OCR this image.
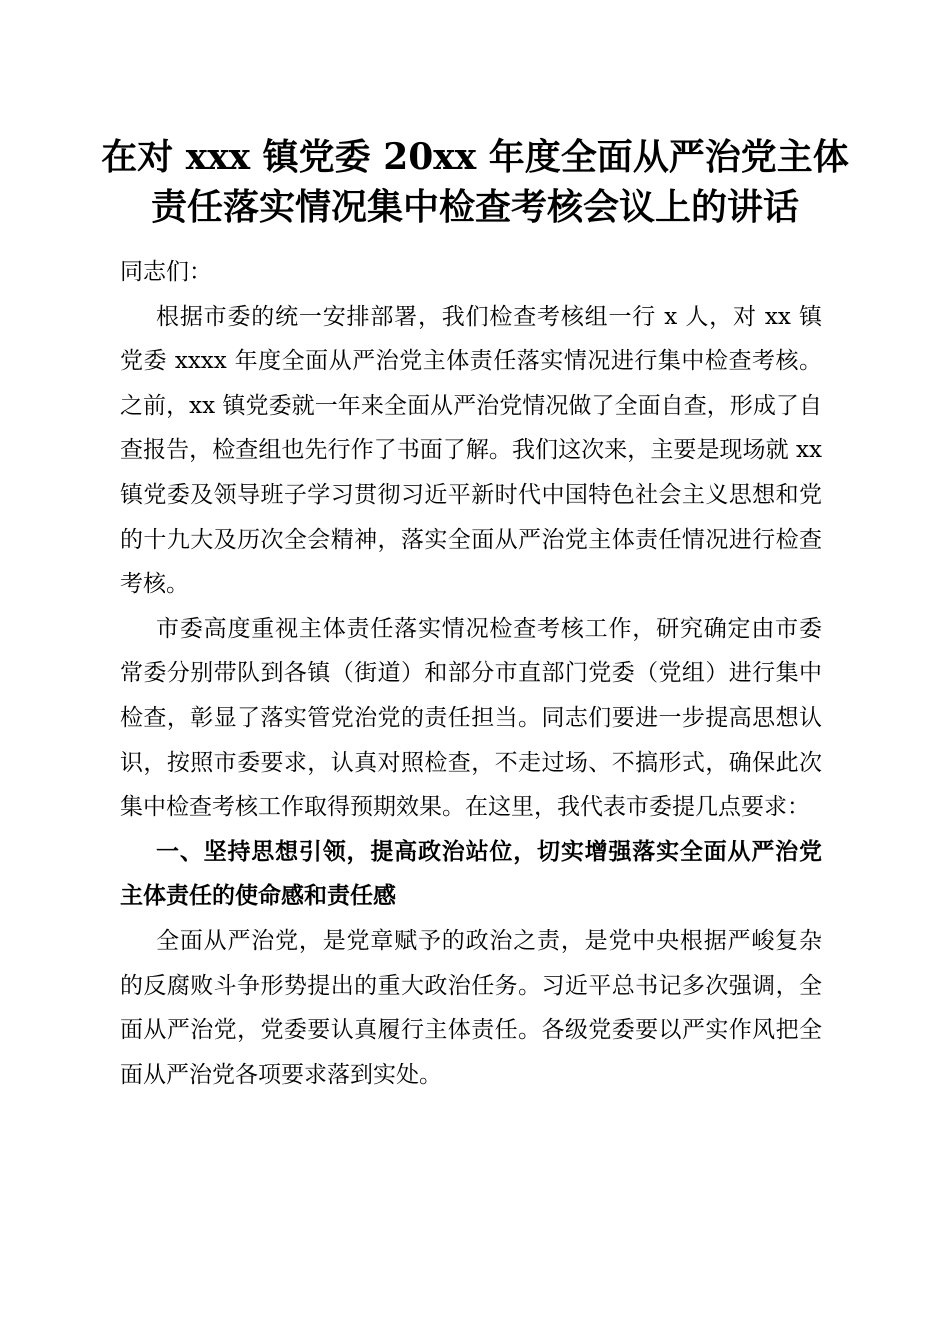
在对 xxx 镇党委 20xx 年度全面从严治党主体
责任落实情况集中检查考核会议上的讲话

同志们：

根据市委的统一安排部署，我们检查考核组一行 x 人，对 xx 镇党委 xxxx 年度全面从严治党主体责任落实情况进行集中检查考核。之前，xx 镇党委就一年来全面从严治党情况做了全面自查，形成了自查报告，检查组也先行作了书面了解。我们这次来，主要是现场就 xx 镇党委及领导班子学习贯彻习近平新时代中国特色社会主义思想和党的十九大及历次全会精神，落实全面从严治党主体责任情况进行检查考核。

市委高度重视主体责任落实情况检查考核工作，研究确定由市委常委分别带队到各镇（街道）和部分市直部门党委（党组）进行集中检查，彰显了落实管党治党的责任担当。同志们要进一步提高思想认识，按照市委要求，认真对照检查，不走过场、不搞形式，确保此次集中检查考核工作取得预期效果。在这里，我代表市委提几点要求：

一、坚持思想引领，提高政治站位，切实增强落实全面从严治党主体责任的使命感和责任感

全面从严治党，是党章赋予的政治之责，是党中央根据严峻复杂的反腐败斗争形势提出的重大政治任务。习近平总书记多次强调，全面从严治党，党委要认真履行主体责任。各级党委要以严实作风把全面从严治党各项要求落到实处。
